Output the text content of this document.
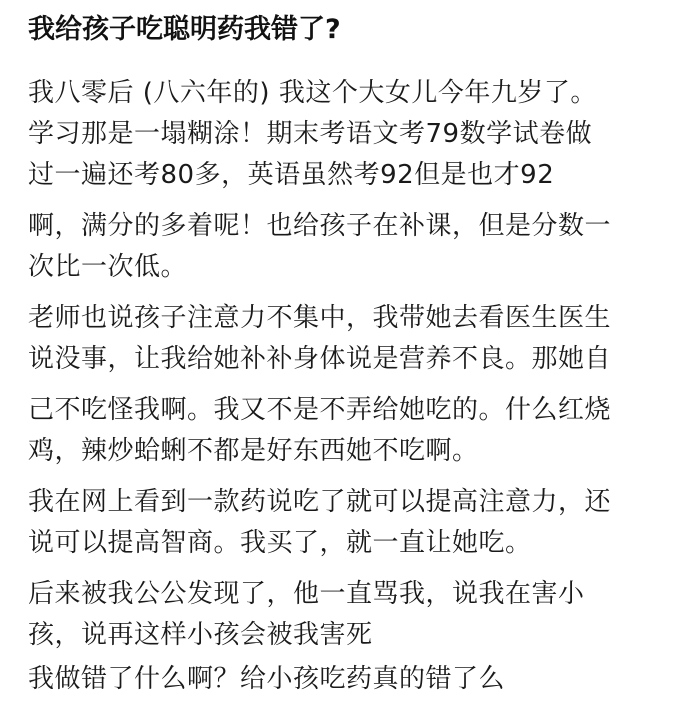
我给孩子吃聪明药我错了?
我八零后 (八六年的) 我这个大女儿今年九岁了。
学习那是一塌糊涂！期末考语文考79数学试卷做
过一遍还考80多，英语虽然考92但是也才92
啊，满分的多着呢！也给孩子在补课，但是分数一
次比一次低。
老师也说孩子注意力不集中，我带她去看医生医生
说没事，让我给她补补身体说是营养不良。那她自
己不吃怪我啊。我又不是不弄给她吃的。什么红烧
鸡，辣炒蛤蜊不都是好东西她不吃啊。
我在网上看到一款药说吃了就可以提高注意力，还
说可以提高智商。我买了，就一直让她吃。
后来被我公公发现了，他一直骂我，说我在害小
孩，说再这样小孩会被我害死
我做错了什么啊？给小孩吃药真的错了么
